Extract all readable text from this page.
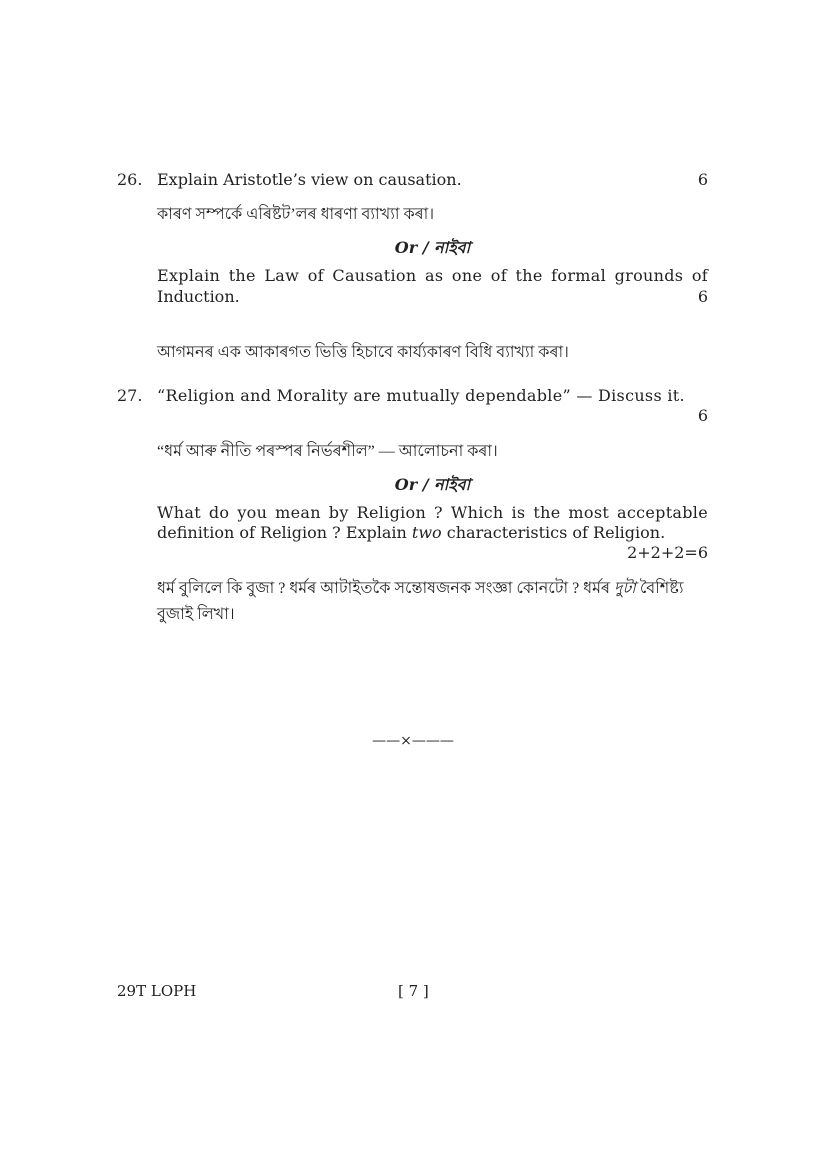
26. Explain Aristotle’s view on causation.	6
কাৰণ সম্পৰ্কে এৰিষ্টট’লৰ ধাৰণা ব্যাখ্যা কৰা।
Or / নাইবা
Explain the Law of Causation as one of the formal grounds of
Induction.	6
আগমনৰ এক আকাৰগত ভিত্তি হিচাবে কাৰ্য্যকাৰণ বিধি ব্যাখ্যা কৰা।
27. “Religion and Morality are mutually dependable” — Discuss it.
6
“ধৰ্ম আৰু নীতি পৰস্পৰ নিৰ্ভৰশীল” — আলোচনা কৰা।
Or / নাইবা
What do you mean by Religion ? Which is the most acceptable
definition of Religion ? Explain two characteristics of Religion.
2+2+2=6
ধৰ্ম বুলিলে কি বুজা ? ধৰ্মৰ আটাইতকৈ সন্তোষজনক সংজ্ঞা কোনটো ? ধৰ্মৰ দুটা বৈশিষ্ট্য
বুজাই লিখা।
——×———
29T LOPH	[ 7 ]
